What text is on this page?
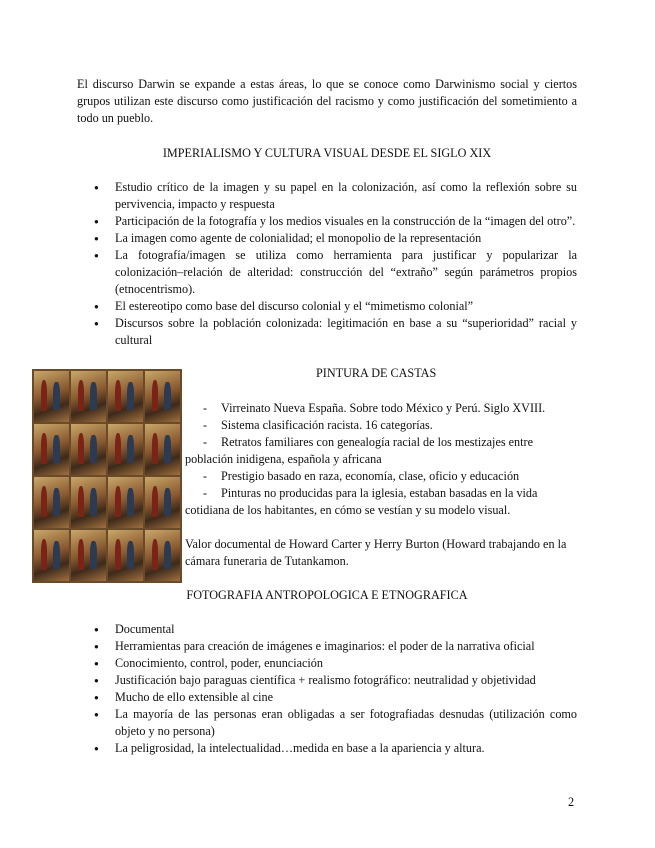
El discurso Darwin se expande a estas áreas, lo que se conoce como Darwinismo social y ciertos grupos utilizan este discurso como justificación del racismo y como justificación del sometimiento a todo un pueblo.
IMPERIALISMO Y CULTURA VISUAL DESDE EL SIGLO XIX
● Estudio crítico de la imagen y su papel en la colonización, así como la reflexión sobre su pervivencia, impacto y respuesta
● Participación de la fotografía y los medios visuales en la construcción de la “imagen del otro”.
● La imagen como agente de colonialidad; el monopolio de la representación
● La fotografía/imagen se utiliza como herramienta para justificar y popularizar la colonización–relación de alteridad: construcción del “extraño” según parámetros propios (etnocentrismo).
● El estereotipo como base del discurso colonial y el “mimetismo colonial”
● Discursos sobre la población colonizada: legitimación en base a su “superioridad” racial y cultural
PINTURA DE CASTAS
- Virreinato Nueva España. Sobre todo México y Perú. Siglo XVIII.
- Sistema clasificación racista. 16 categorías.
- Retratos familiares con genealogía racial de los mestizajes entre
población inidigena, española y africana
- Prestigio basado en raza, economía, clase, oficio y educación
- Pinturas no producidas para la iglesia, estaban basadas en la vida
cotidiana de los habitantes, en cómo se vestían y su modelo visual.
Valor documental de Howard Carter y Herry Burton (Howard trabajando en la cámara funeraria de Tutankamon.
FOTOGRAFIA ANTROPOLOGICA E ETNOGRAFICA
● Documental
● Herramientas para creación de imágenes e imaginarios: el poder de la narrativa oficial
● Conocimiento, control, poder, enunciación
● Justificación bajo paraguas científica + realismo fotográfico: neutralidad y objetividad
● Mucho de ello extensible al cine
● La mayoría de las personas eran obligadas a ser fotografiadas desnudas (utilización como objeto y no persona)
● La peligrosidad, la intelectualidad…medida en base a la apariencia y altura.
2
